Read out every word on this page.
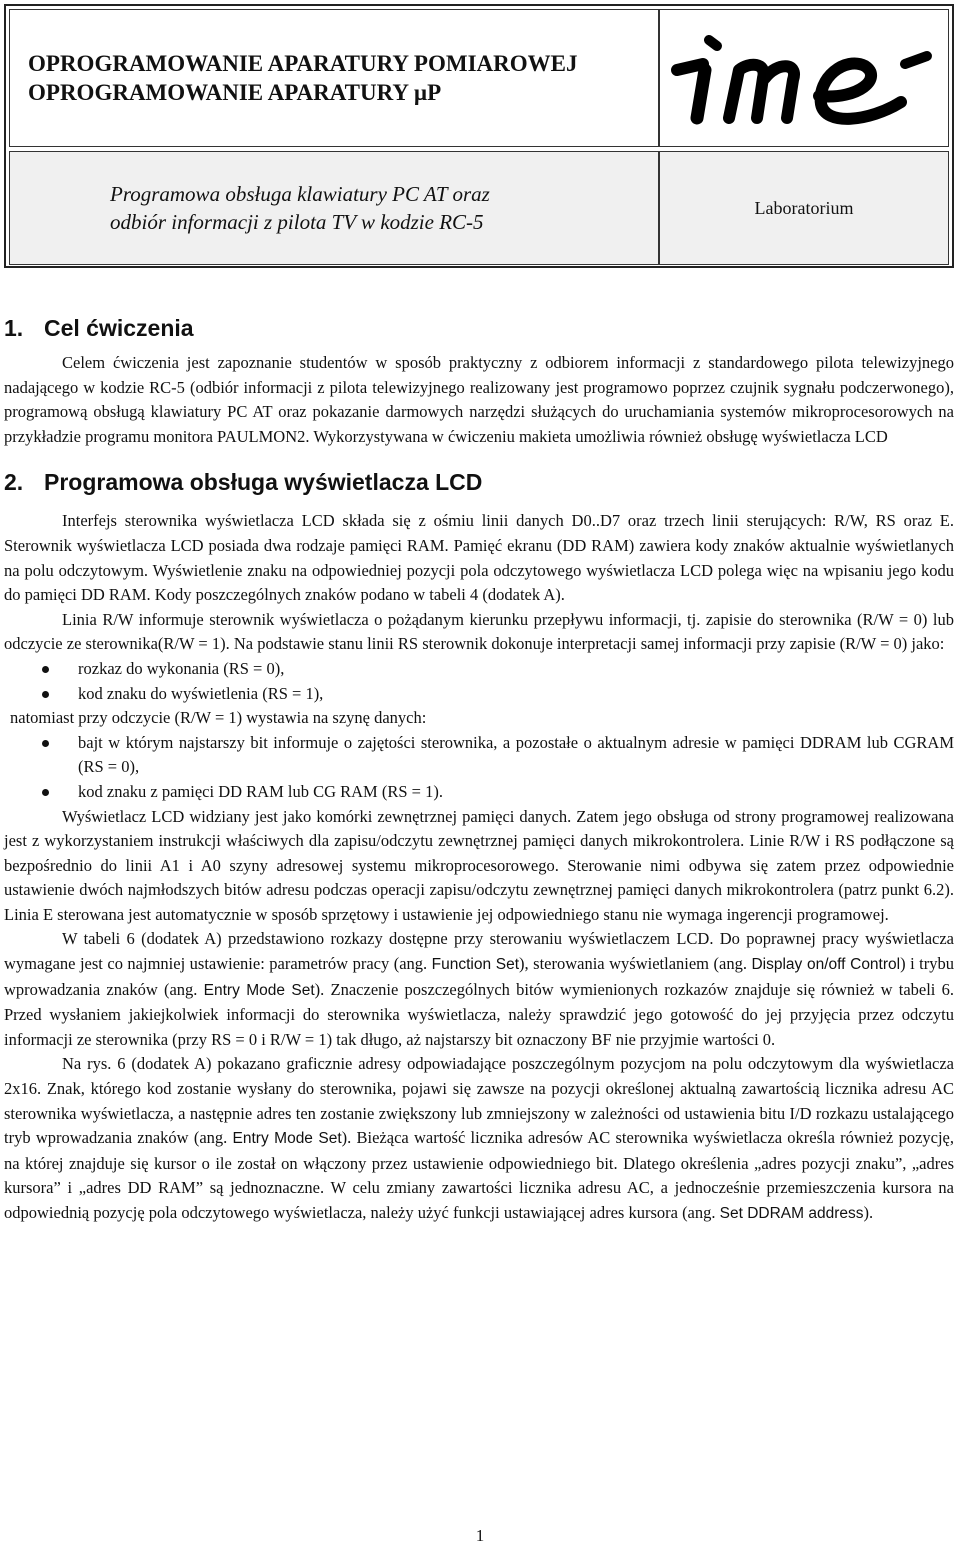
OPROGRAMOWANIE APARATURY POMIAROWEJ
OPROGRAMOWANIE APARATURY µP
Programowa obsługa klawiatury PC AT oraz
odbiór informacji z pilota TV w kodzie RC-5
Laboratorium
1. Cel ćwiczenia

Celem ćwiczenia jest zapoznanie studentów w sposób praktyczny z odbiorem informacji z standardowego pilota telewizyjnego nadającego w kodzie RC-5 (odbiór informacji z pilota telewizyjnego realizowany jest programowo poprzez czujnik sygnału podczerwonego), programową obsługą klawiatury PC AT oraz pokazanie darmowych narzędzi służących do uruchamiania systemów mikroprocesorowych na przykładzie programu monitora PAULMON2. Wykorzystywana w ćwiczeniu makieta umożliwia również obsługę wyświetlacza LCD

2. Programowa obsługa wyświetlacza LCD

Interfejs sterownika wyświetlacza LCD składa się z ośmiu linii danych D0..D7 oraz trzech linii sterujących: R/W, RS oraz E. Sterownik wyświetlacza LCD posiada dwa rodzaje pamięci RAM. Pamięć ekranu (DD RAM) zawiera kody znaków aktualnie wyświetlanych na polu odczytowym. Wyświetlenie znaku na odpowiedniej pozycji pola odczytowego wyświetlacza LCD polega więc na wpisaniu jego kodu do pamięci DD RAM. Kody poszczególnych znaków podano w tabeli 4 (dodatek A).

Linia R/W informuje sterownik wyświetlacza o pożądanym kierunku przepływu informacji, tj. zapisie do sterownika (R/W = 0) lub odczycie ze sterownika(R/W = 1). Na podstawie stanu linii RS sterownik dokonuje interpretacji samej informacji przy zapisie (R/W = 0) jako:

rozkaz do wykonania (RS = 0),
kod znaku do wyświetlenia (RS = 1),

natomiast przy odczycie (R/W = 1) wystawia na szynę danych:

bajt w którym najstarszy bit informuje o zajętości sterownika, a pozostałe o aktualnym adresie w pamięci DDRAM lub CGRAM (RS = 0),
kod znaku z pamięci DD RAM lub CG RAM (RS = 1).

Wyświetlacz LCD widziany jest jako komórki zewnętrznej pamięci danych. Zatem jego obsługa od strony programowej realizowana jest z wykorzystaniem instrukcji właściwych dla zapisu/odczytu zewnętrznej pamięci danych mikrokontrolera. Linie R/W i RS podłączone są bezpośrednio do linii A1 i A0 szyny adresowej systemu mikroprocesorowego. Sterowanie nimi odbywa się zatem przez odpowiednie ustawienie dwóch najmłodszych bitów adresu podczas operacji zapisu/odczytu zewnętrznej pamięci danych mikrokontrolera (patrz punkt 6.2). Linia E sterowana jest automatycznie w sposób sprzętowy i ustawienie jej odpowiedniego stanu nie wymaga ingerencji programowej.

W tabeli 6 (dodatek A) przedstawiono rozkazy dostępne przy sterowaniu wyświetlaczem LCD. Do poprawnej pracy wyświetlacza wymagane jest co najmniej ustawienie: parametrów pracy (ang. Function Set), sterowania wyświetlaniem (ang. Display on/off Control) i trybu wprowadzania znaków (ang. Entry Mode Set). Znaczenie poszczególnych bitów wymienionych rozkazów znajduje się również w tabeli 6. Przed wysłaniem jakiejkolwiek informacji do sterownika wyświetlacza, należy sprawdzić jego gotowość do jej przyjęcia przez odczytu informacji ze sterownika (przy RS = 0 i R/W = 1) tak długo, aż najstarszy bit oznaczony BF nie przyjmie wartości 0.

Na rys. 6 (dodatek A) pokazano graficznie adresy odpowiadające poszczególnym pozycjom na polu odczytowym dla wyświetlacza 2x16. Znak, którego kod zostanie wysłany do sterownika, pojawi się zawsze na pozycji określonej aktualną zawartością licznika adresu AC sterownika wyświetlacza, a następnie adres ten zostanie zwiększony lub zmniejszony w zależności od ustawienia bitu I/D rozkazu ustalającego tryb wprowadzania znaków (ang. Entry Mode Set). Bieżąca wartość licznika adresów AC sterownika wyświetlacza określa również pozycję, na której znajduje się kursor o ile został on włączony przez ustawienie odpowiedniego bit. Dlatego określenia „adres pozycji znaku”, „adres kursora” i „adres DD RAM” są jednoznaczne. W celu zmiany zawartości licznika adresu AC, a jednocześnie przemieszczenia kursora na odpowiednią pozycję pola odczytowego wyświetlacza, należy użyć funkcji ustawiającej adres kursora (ang. Set DDRAM address).

1
